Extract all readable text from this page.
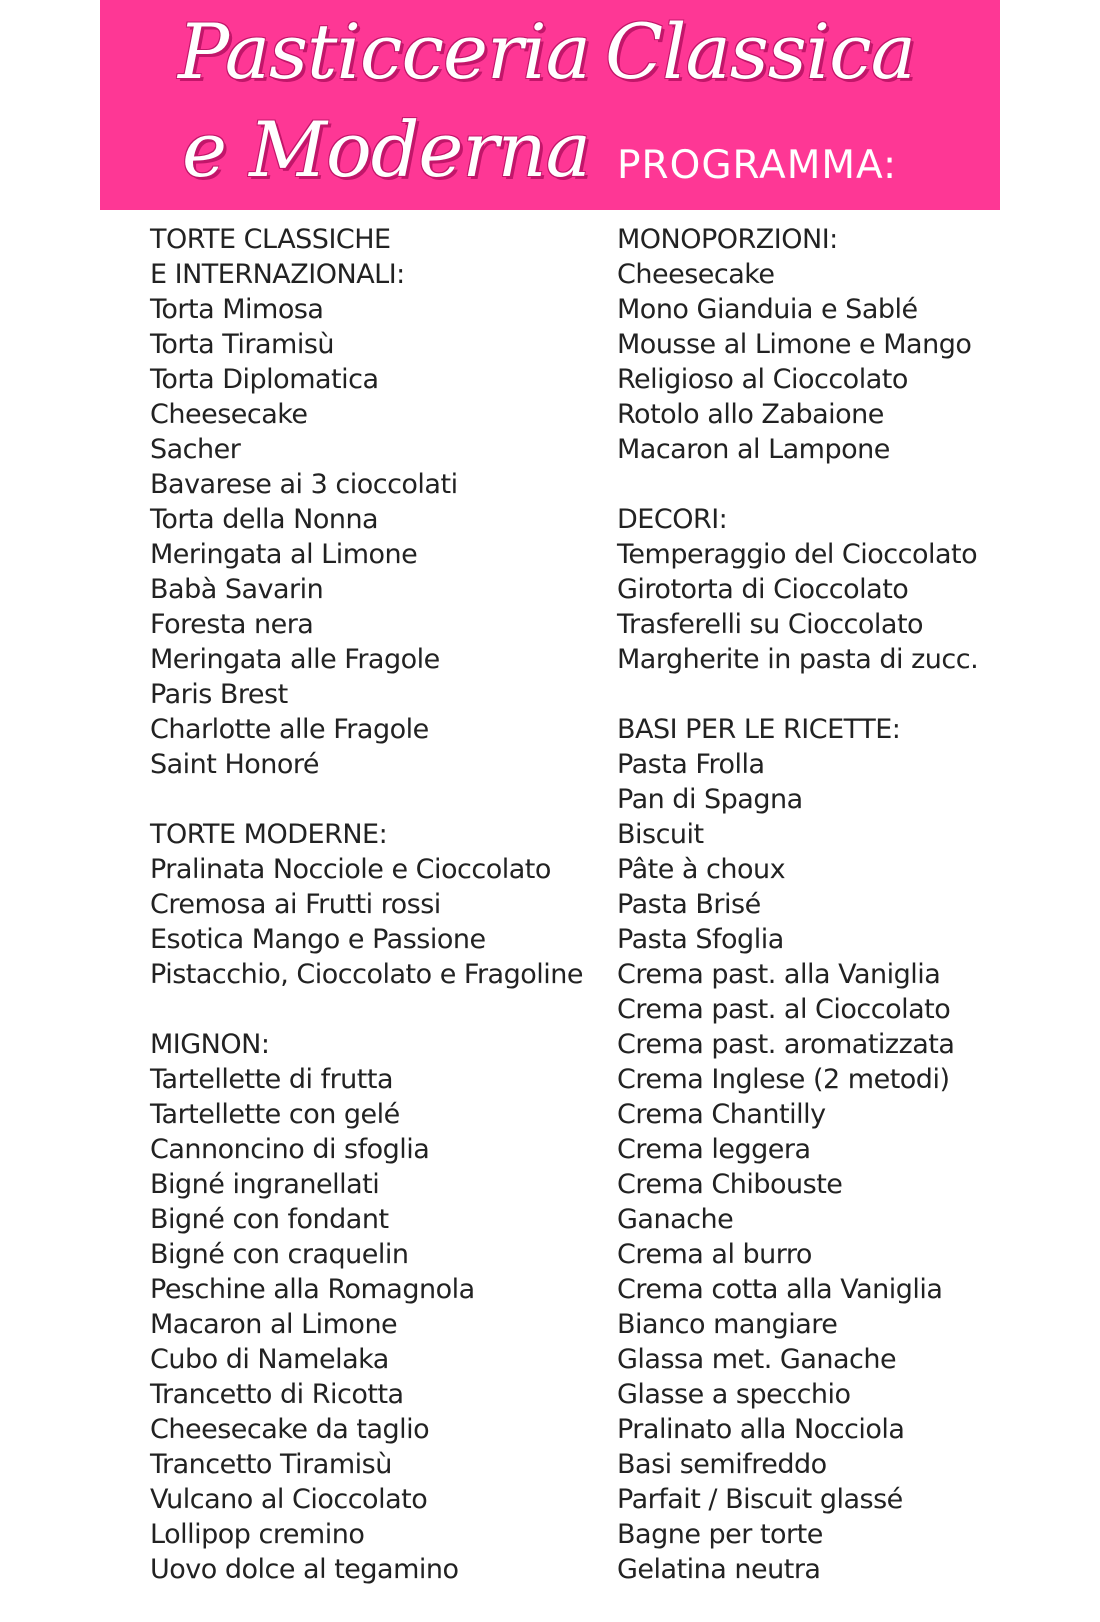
Pasticceria Classica
e Moderna PROGRAMMA:
TORTE CLASSICHE
E INTERNAZIONALI:
Torta Mimosa
Torta Tiramisù
Torta Diplomatica
Cheesecake
Sacher
Bavarese ai 3 cioccolati
Torta della Nonna
Meringata al Limone
Babà Savarin
Foresta nera
Meringata alle Fragole
Paris Brest
Charlotte alle Fragole
Saint Honoré
TORTE MODERNE:
Pralinata Nocciole e Cioccolato
Cremosa ai Frutti rossi
Esotica Mango e Passione
Pistacchio, Cioccolato e Fragoline
MIGNON:
Tartellette di frutta
Tartellette con gelé
Cannoncino di sfoglia
Bigné ingranellati
Bigné con fondant
Bigné con craquelin
Peschine alla Romagnola
Macaron al Limone
Cubo di Namelaka
Trancetto di Ricotta
Cheesecake da taglio
Trancetto Tiramisù
Vulcano al Cioccolato
Lollipop cremino
Uovo dolce al tegamino
MONOPORZIONI:
Cheesecake
Mono Gianduia e Sablé
Mousse al Limone e Mango
Religioso al Cioccolato
Rotolo allo Zabaione
Macaron al Lampone
DECORI:
Temperaggio del Cioccolato
Girotorta di Cioccolato
Trasferelli su Cioccolato
Margherite in pasta di zucc.
BASI PER LE RICETTE:
Pasta Frolla
Pan di Spagna
Biscuit
Pâte à choux
Pasta Brisé
Pasta Sfoglia
Crema past. alla Vaniglia
Crema past. al Cioccolato
Crema past. aromatizzata
Crema Inglese (2 metodi)
Crema Chantilly
Crema leggera
Crema Chibouste
Ganache
Crema al burro
Crema cotta alla Vaniglia
Bianco mangiare
Glassa met. Ganache
Glasse a specchio
Pralinato alla Nocciola
Basi semifreddo
Parfait / Biscuit glassé
Bagne per torte
Gelatina neutra
